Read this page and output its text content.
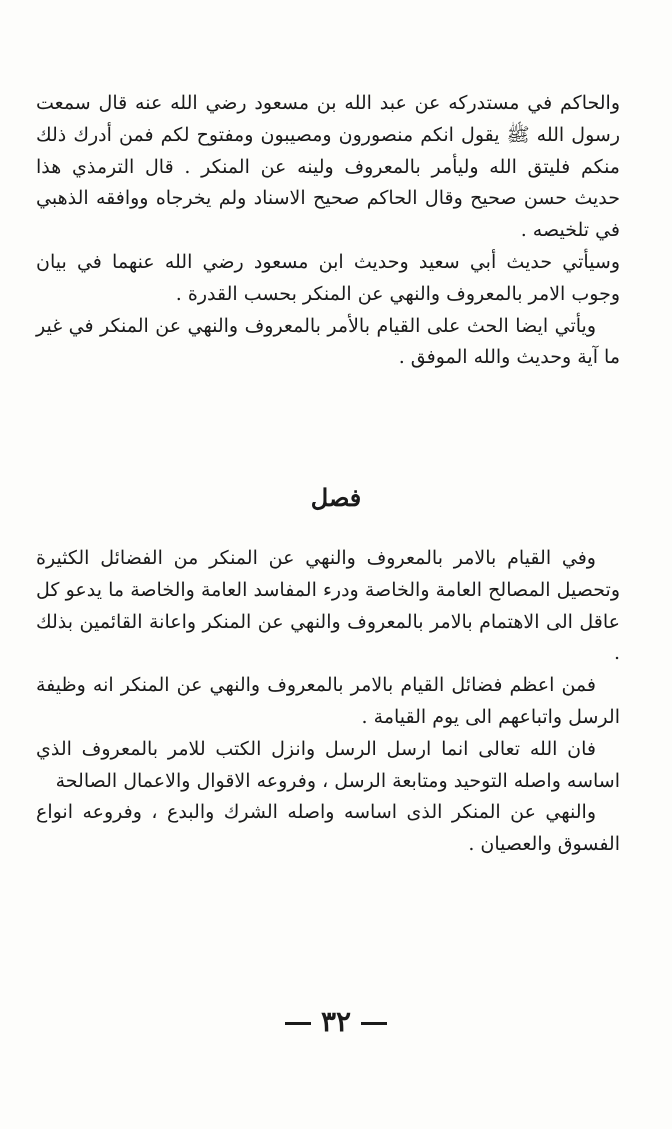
والحاكم في مستدركه عن عبد الله بن مسعود رضي الله عنه قال سمعت رسول الله ﷺ يقول انكم منصورون ومصيبون ومفتوح لكم فمن أدرك ذلك منكم فليتق الله وليأمر بالمعروف ولينه عن المنكر . قال الترمذي هذا حديث حسن صحيح وقال الحاكم صحيح الاسناد ولم يخرجاه ووافقه الذهبي في تلخيصه .

وسيأتي حديث أبي سعيد وحديث ابن مسعود رضي الله عنهما في بيان وجوب الامر بالمعروف والنهي عن المنكر بحسب القدرة .

ويأتي ايضا الحث على القيام بالأمر بالمعروف والنهي عن المنكر في غير ما آية وحديث والله الموفق .

فصل

وفي القيام بالامر بالمعروف والنهي عن المنكر من الفضائل الكثيرة وتحصيل المصالح العامة والخاصة ودرء المفاسد العامة والخاصة ما يدعو كل عاقل الى الاهتمام بالامر بالمعروف والنهي عن المنكر واعانة القائمين بذلك .

فمن اعظم فضائل القيام بالامر بالمعروف والنهي عن المنكر انه وظيفة الرسل واتباعهم الى يوم القيامة .

فان الله تعالى انما ارسل الرسل وانزل الكتب للامر بالمعروف الذي اساسه واصله التوحيد ومتابعة الرسل ، وفروعه الاقوال والاعمال الصالحة

والنهي عن المنكر الذى اساسه واصله الشرك والبدع ، وفروعه انواع الفسوق والعصيان .

٣٢
